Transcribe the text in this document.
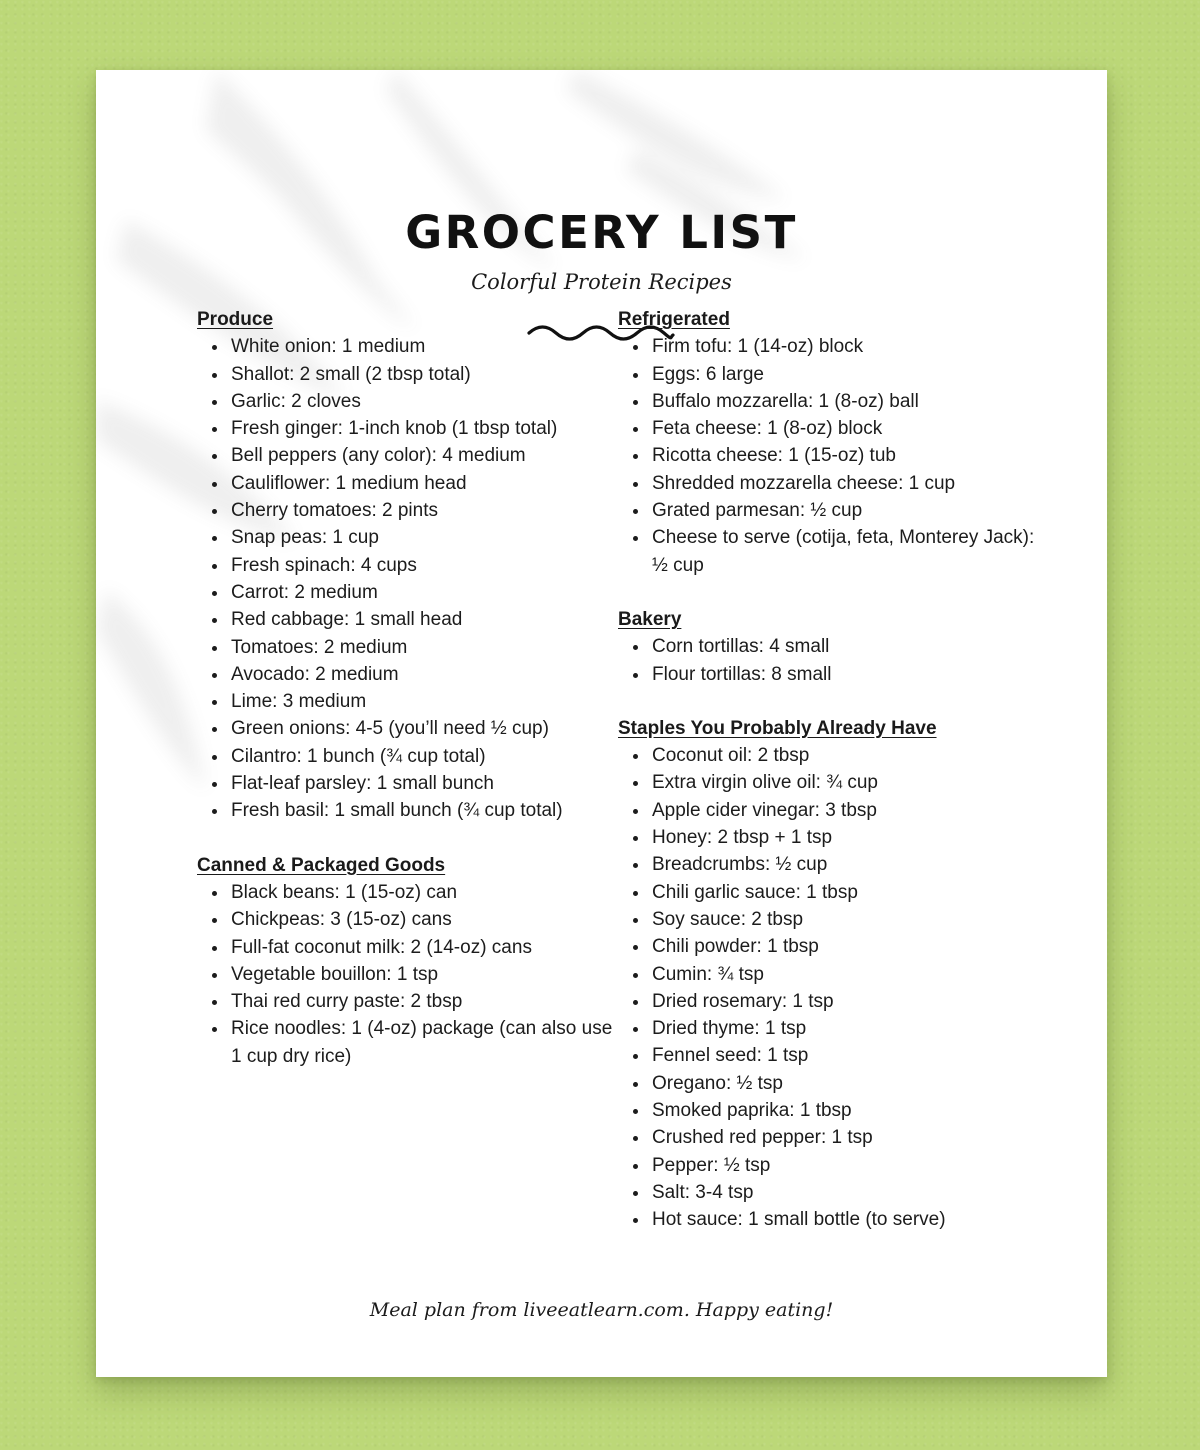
GROCERY LIST
Colorful Protein Recipes
Produce
White onion: 1 medium
Shallot: 2 small (2 tbsp total)
Garlic: 2 cloves
Fresh ginger: 1-inch knob (1 tbsp total)
Bell peppers (any color): 4 medium
Cauliflower: 1 medium head
Cherry tomatoes: 2 pints
Snap peas: 1 cup
Fresh spinach: 4 cups
Carrot: 2 medium
Red cabbage: 1 small head
Tomatoes: 2 medium
Avocado: 2 medium
Lime: 3 medium
Green onions: 4-5 (you’ll need ½ cup)
Cilantro: 1 bunch (¾ cup total)
Flat-leaf parsley: 1 small bunch
Fresh basil: 1 small bunch (¾ cup total)
Canned & Packaged Goods
Black beans: 1 (15-oz) can
Chickpeas: 3 (15-oz) cans
Full-fat coconut milk: 2 (14-oz) cans
Vegetable bouillon: 1 tsp
Thai red curry paste: 2 tbsp
Rice noodles: 1 (4-oz) package (can also use 1 cup dry rice)
Refrigerated
Firm tofu: 1 (14-oz) block
Eggs: 6 large
Buffalo mozzarella: 1 (8-oz) ball
Feta cheese: 1 (8-oz) block
Ricotta cheese: 1 (15-oz) tub
Shredded mozzarella cheese: 1 cup
Grated parmesan: ½ cup
Cheese to serve (cotija, feta, Monterey Jack): ½ cup
Bakery
Corn tortillas: 4 small
Flour tortillas: 8 small
Staples You Probably Already Have
Coconut oil: 2 tbsp
Extra virgin olive oil: ¾ cup
Apple cider vinegar: 3 tbsp
Honey: 2 tbsp + 1 tsp
Breadcrumbs: ½ cup
Chili garlic sauce: 1 tbsp
Soy sauce: 2 tbsp
Chili powder: 1 tbsp
Cumin: ¾ tsp
Dried rosemary: 1 tsp
Dried thyme: 1 tsp
Fennel seed: 1 tsp
Oregano: ½ tsp
Smoked paprika: 1 tbsp
Crushed red pepper: 1 tsp
Pepper: ½ tsp
Salt: 3-4 tsp
Hot sauce: 1 small bottle (to serve)
Meal plan from liveeatlearn.com. Happy eating!
